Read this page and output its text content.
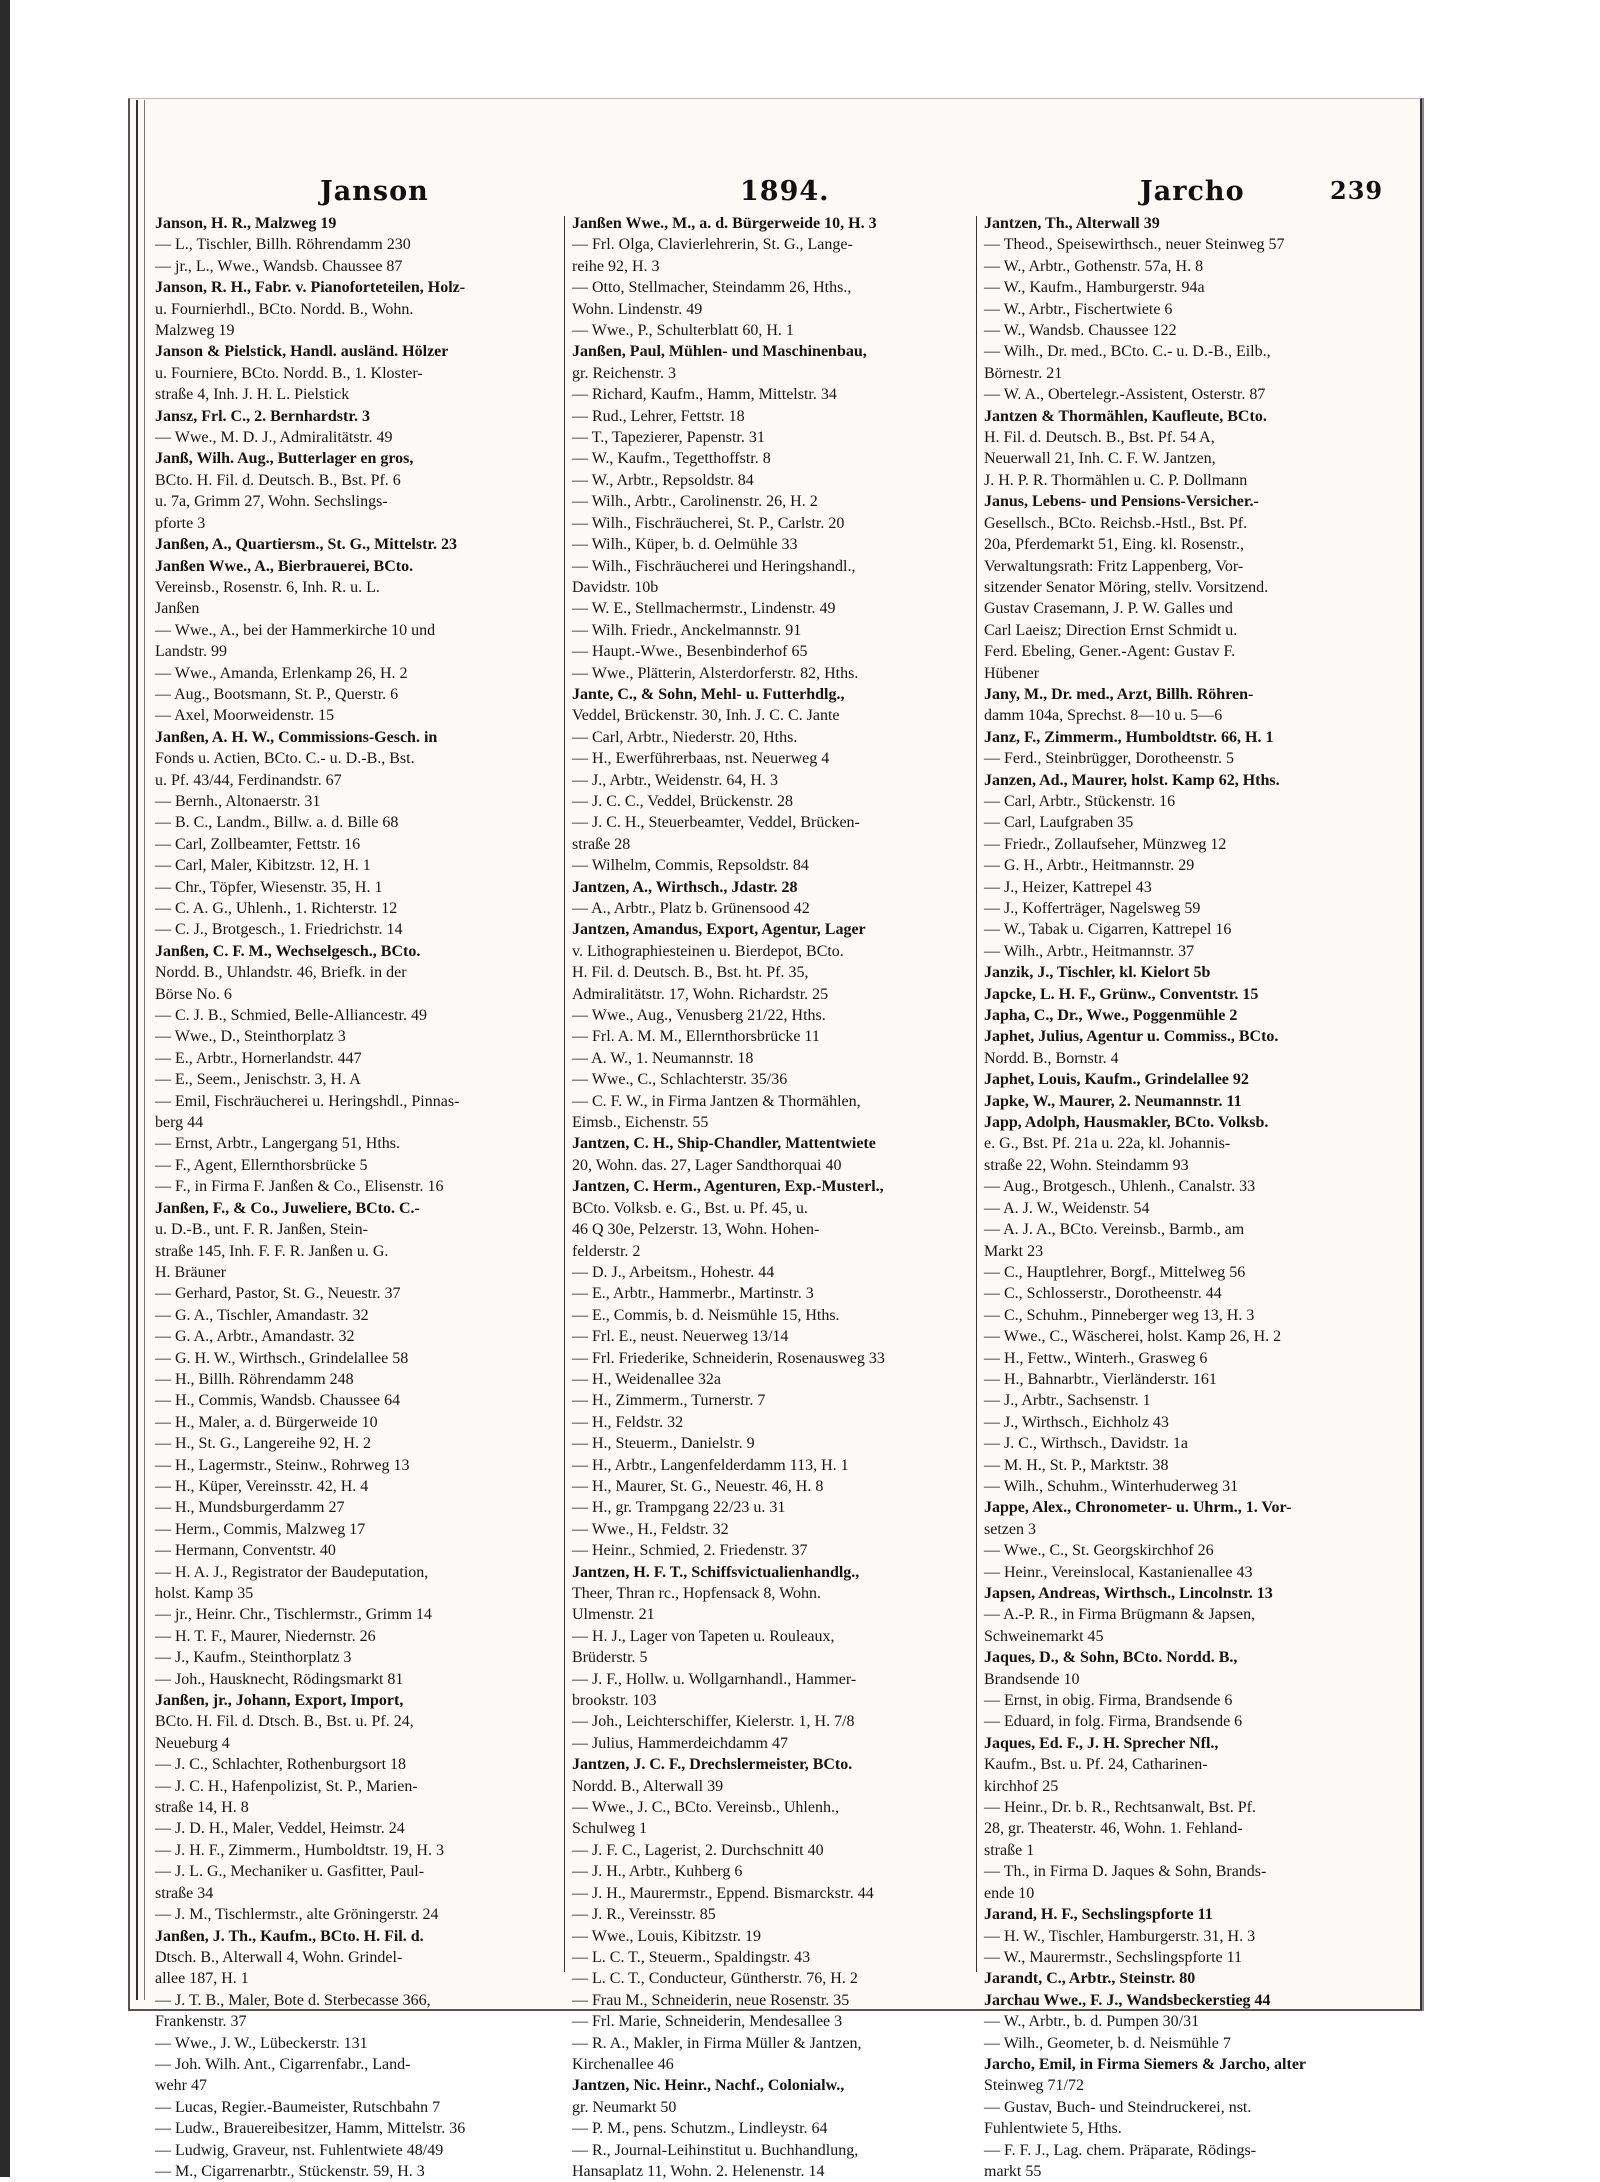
Janson	1894.	Jarcho	239
Janson, H. R., Malzweg 19
— L., Tischler, Billh. Röhrendamm 230
— jr., L., Wwe., Wandsb. Chaussee 87
Janson, R. H., Fabr. v. Pianoforteteilen, Holz-
u. Fournierhdl., BCto. Nordd. B., Wohn.
Malzweg 19
Janson & Pielstick, Handl. ausländ. Hölzer
u. Fourniere, BCto. Nordd. B., 1. Kloster-
straße 4, Inh. J. H. L. Pielstick
Jansz, Frl. C., 2. Bernhardstr. 3
— Wwe., M. D. J., Admiralitätstr. 49
Janß, Wilh. Aug., Butterlager en gros,
BCto. H. Fil. d. Deutsch. B., Bst. Pf. 6
u. 7a, Grimm 27, Wohn. Sechslings-
pforte 3
Janßen, A., Quartiersm., St. G., Mittelstr. 23
Janßen Wwe., A., Bierbrauerei, BCto.
Vereinsb., Rosenstr. 6, Inh. R. u. L.
Janßen
— Wwe., A., bei der Hammerkirche 10 und
Landstr. 99
— Wwe., Amanda, Erlenkamp 26, H. 2
— Aug., Bootsmann, St. P., Querstr. 6
— Axel, Moorweidenstr. 15
Janßen, A. H. W., Commissions-Gesch. in
Fonds u. Actien, BCto. C.- u. D.-B., Bst.
u. Pf. 43/44, Ferdinandstr. 67
— Bernh., Altonaerstr. 31
— B. C., Landm., Billw. a. d. Bille 68
— Carl, Zollbeamter, Fettstr. 16
— Carl, Maler, Kibitzstr. 12, H. 1
— Chr., Töpfer, Wiesenstr. 35, H. 1
— C. A. G., Uhlenh., 1. Richterstr. 12
— C. J., Brotgesch., 1. Friedrichstr. 14
Janßen, C. F. M., Wechselgesch., BCto.
Nordd. B., Uhlandstr. 46, Briefk. in der
Börse No. 6
— C. J. B., Schmied, Belle-Alliancestr. 49
— Wwe., D., Steinthorplatz 3
— E., Arbtr., Hornerlandstr. 447
— E., Seem., Jenischstr. 3, H. A
— Emil, Fischräucherei u. Heringshdl., Pinnas-
berg 44
— Ernst, Arbtr., Langergang 51, Hths.
— F., Agent, Ellernthorsbrücke 5
— F., in Firma F. Janßen & Co., Elisenstr. 16
Janßen, F., & Co., Juweliere, BCto. C.-
u. D.-B., unt. F. R. Janßen, Stein-
straße 145, Inh. F. F. R. Janßen u. G.
H. Bräuner
— Gerhard, Pastor, St. G., Neuestr. 37
— G. A., Tischler, Amandastr. 32
— G. A., Arbtr., Amandastr. 32
— G. H. W., Wirthsch., Grindelallee 58
— H., Billh. Röhrendamm 248
— H., Commis, Wandsb. Chaussee 64
— H., Maler, a. d. Bürgerweide 10
— H., St. G., Langereihe 92, H. 2
— H., Lagermstr., Steinw., Rohrweg 13
— H., Küper, Vereinsstr. 42, H. 4
— H., Mundsburgerdamm 27
— Herm., Commis, Malzweg 17
— Hermann, Conventstr. 40
— H. A. J., Registrator der Baudeputation,
holst. Kamp 35
— jr., Heinr. Chr., Tischlermstr., Grimm 14
— H. T. F., Maurer, Niedernstr. 26
— J., Kaufm., Steinthorplatz 3
— Joh., Hausknecht, Rödingsmarkt 81
Janßen, jr., Johann, Export, Import,
BCto. H. Fil. d. Dtsch. B., Bst. u. Pf. 24,
Neueburg 4
— J. C., Schlachter, Rothenburgsort 18
— J. C. H., Hafenpolizist, St. P., Marien-
straße 14, H. 8
— J. D. H., Maler, Veddel, Heimstr. 24
— J. H. F., Zimmerm., Humboldtstr. 19, H. 3
— J. L. G., Mechaniker u. Gasfitter, Paul-
straße 34
— J. M., Tischlermstr., alte Gröningerstr. 24
Janßen, J. Th., Kaufm., BCto. H. Fil. d.
Dtsch. B., Alterwall 4, Wohn. Grindel-
allee 187, H. 1
— J. T. B., Maler, Bote d. Sterbecasse 366,
Frankenstr. 37
— Wwe., J. W., Lübeckerstr. 131
— Joh. Wilh. Ant., Cigarrenfabr., Land-
wehr 47
— Lucas, Regier.-Baumeister, Rutschbahn 7
— Ludw., Brauereibesitzer, Hamm, Mittelstr. 36
— Ludwig, Graveur, nst. Fuhlentwiete 48/49
— M., Cigarrenarbtr., Stückenstr. 59, H. 3
Janßen Wwe., M., a. d. Bürgerweide 10, H. 3
— Frl. Olga, Clavierlehrerin, St. G., Lange-
reihe 92, H. 3
— Otto, Stellmacher, Steindamm 26, Hths.,
Wohn. Lindenstr. 49
— Wwe., P., Schulterblatt 60, H. 1
Janßen, Paul, Mühlen- und Maschinenbau,
gr. Reichenstr. 3
— Richard, Kaufm., Hamm, Mittelstr. 34
— Rud., Lehrer, Fettstr. 18
— T., Tapezierer, Papenstr. 31
— W., Kaufm., Tegetthoffstr. 8
— W., Arbtr., Repsoldstr. 84
— Wilh., Arbtr., Carolinenstr. 26, H. 2
— Wilh., Fischräucherei, St. P., Carlstr. 20
— Wilh., Küper, b. d. Oelmühle 33
— Wilh., Fischräucherei und Heringshandl.,
Davidstr. 10b
— W. E., Stellmachermstr., Lindenstr. 49
— Wilh. Friedr., Anckelmannstr. 91
— Haupt.-Wwe., Besenbinderhof 65
— Wwe., Plätterin, Alsterdorferstr. 82, Hths.
Jante, C., & Sohn, Mehl- u. Futterhdlg.,
Veddel, Brückenstr. 30, Inh. J. C. C. Jante
— Carl, Arbtr., Niederstr. 20, Hths.
— H., Ewerführerbaas, nst. Neuerweg 4
— J., Arbtr., Weidenstr. 64, H. 3
— J. C. C., Veddel, Brückenstr. 28
— J. C. H., Steuerbeamter, Veddel, Brücken-
straße 28
— Wilhelm, Commis, Repsoldstr. 84
Jantzen, A., Wirthsch., Jdastr. 28
— A., Arbtr., Platz b. Grünensood 42
Jantzen, Amandus, Export, Agentur, Lager
v. Lithographiesteinen u. Bierdepot, BCto.
H. Fil. d. Deutsch. B., Bst. ht. Pf. 35,
Admiralitätstr. 17, Wohn. Richardstr. 25
— Wwe., Aug., Venusberg 21/22, Hths.
— Frl. A. M. M., Ellernthorsbrücke 11
— A. W., 1. Neumannstr. 18
— Wwe., C., Schlachterstr. 35/36
— C. F. W., in Firma Jantzen & Thormählen,
Eimsb., Eichenstr. 55
Jantzen, C. H., Ship-Chandler, Mattentwiete
20, Wohn. das. 27, Lager Sandthorquai 40
Jantzen, C. Herm., Agenturen, Exp.-Musterl.,
BCto. Volksb. e. G., Bst. u. Pf. 45, u.
46 Q 30e, Pelzerstr. 13, Wohn. Hohen-
felderstr. 2
— D. J., Arbeitsm., Hohestr. 44
— E., Arbtr., Hammerbr., Martinstr. 3
— E., Commis, b. d. Neismühle 15, Hths.
— Frl. E., neust. Neuerweg 13/14
— Frl. Friederike, Schneiderin, Rosenausweg 33
— H., Weidenallee 32a
— H., Zimmerm., Turnerstr. 7
— H., Feldstr. 32
— H., Steuerm., Danielstr. 9
— H., Arbtr., Langenfelderdamm 113, H. 1
— H., Maurer, St. G., Neuestr. 46, H. 8
— H., gr. Trampgang 22/23 u. 31
— Wwe., H., Feldstr. 32
— Heinr., Schmied, 2. Friedenstr. 37
Jantzen, H. F. T., Schiffsvictualienhandlg.,
Theer, Thran rc., Hopfensack 8, Wohn.
Ulmenstr. 21
— H. J., Lager von Tapeten u. Rouleaux,
Brüderstr. 5
— J. F., Hollw. u. Wollgarnhandl., Hammer-
brookstr. 103
— Joh., Leichterschiffer, Kielerstr. 1, H. 7/8
— Julius, Hammerdeichdamm 47
Jantzen, J. C. F., Drechslermeister, BCto.
Nordd. B., Alterwall 39
— Wwe., J. C., BCto. Vereinsb., Uhlenh.,
Schulweg 1
— J. F. C., Lagerist, 2. Durchschnitt 40
— J. H., Arbtr., Kuhberg 6
— J. H., Maurermstr., Eppend. Bismarckstr. 44
— J. R., Vereinsstr. 85
— Wwe., Louis, Kibitzstr. 19
— L. C. T., Steuerm., Spaldingstr. 43
— L. C. T., Conducteur, Güntherstr. 76, H. 2
— Frau M., Schneiderin, neue Rosenstr. 35
— Frl. Marie, Schneiderin, Mendesallee 3
— R. A., Makler, in Firma Müller & Jantzen,
Kirchenallee 46
Jantzen, Nic. Heinr., Nachf., Colonialw.,
gr. Neumarkt 50
— P. M., pens. Schutzm., Lindleystr. 64
— R., Journal-Leihinstitut u. Buchhandlung,
Hansaplatz 11, Wohn. 2. Helenenstr. 14
Jantzen, Th., Alterwall 39
— Theod., Speisewirthsch., neuer Steinweg 57
— W., Arbtr., Gothenstr. 57a, H. 8
— W., Kaufm., Hamburgerstr. 94a
— W., Arbtr., Fischertwiete 6
— W., Wandsb. Chaussee 122
— Wilh., Dr. med., BCto. C.- u. D.-B., Eilb.,
Börnestr. 21
— W. A., Obertelegr.-Assistent, Osterstr. 87
Jantzen & Thormählen, Kaufleute, BCto.
H. Fil. d. Deutsch. B., Bst. Pf. 54 A,
Neuerwall 21, Inh. C. F. W. Jantzen,
J. H. P. R. Thormählen u. C. P. Dollmann
Janus, Lebens- und Pensions-Versicher.-
Gesellsch., BCto. Reichsb.-Hstl., Bst. Pf.
20a, Pferdemarkt 51, Eing. kl. Rosenstr.,
Verwaltungsrath: Fritz Lappenberg, Vor-
sitzender Senator Möring, stellv. Vorsitzend.
Gustav Crasemann, J. P. W. Galles und
Carl Laeisz; Direction Ernst Schmidt u.
Ferd. Ebeling, Gener.-Agent: Gustav F.
Hübener
Jany, M., Dr. med., Arzt, Billh. Röhren-
damm 104a, Sprechst. 8—10 u. 5—6
Janz, F., Zimmerm., Humboldtstr. 66, H. 1
— Ferd., Steinbrügger, Dorotheenstr. 5
Janzen, Ad., Maurer, holst. Kamp 62, Hths.
— Carl, Arbtr., Stückenstr. 16
— Carl, Laufgraben 35
— Friedr., Zollaufseher, Münzweg 12
— G. H., Arbtr., Heitmannstr. 29
— J., Heizer, Kattrepel 43
— J., Kofferträger, Nagelsweg 59
— W., Tabak u. Cigarren, Kattrepel 16
— Wilh., Arbtr., Heitmannstr. 37
Janzik, J., Tischler, kl. Kielort 5b
Japcke, L. H. F., Grünw., Conventstr. 15
Japha, C., Dr., Wwe., Poggenmühle 2
Japhet, Julius, Agentur u. Commiss., BCto.
Nordd. B., Bornstr. 4
Japhet, Louis, Kaufm., Grindelallee 92
Japke, W., Maurer, 2. Neumannstr. 11
Japp, Adolph, Hausmakler, BCto. Volksb.
e. G., Bst. Pf. 21a u. 22a, kl. Johannis-
straße 22, Wohn. Steindamm 93
— Aug., Brotgesch., Uhlenh., Canalstr. 33
— A. J. W., Weidenstr. 54
— A. J. A., BCto. Vereinsb., Barmb., am
Markt 23
— C., Hauptlehrer, Borgf., Mittelweg 56
— C., Schlosserstr., Dorotheenstr. 44
— C., Schuhm., Pinneberger weg 13, H. 3
— Wwe., C., Wäscherei, holst. Kamp 26, H. 2
— H., Fettw., Winterh., Grasweg 6
— H., Bahnarbtr., Vierländerstr. 161
— J., Arbtr., Sachsenstr. 1
— J., Wirthsch., Eichholz 43
— J. C., Wirthsch., Davidstr. 1a
— M. H., St. P., Marktstr. 38
— Wilh., Schuhm., Winterhuderweg 31
Jappe, Alex., Chronometer- u. Uhrm., 1. Vor-
setzen 3
— Wwe., C., St. Georgskirchhof 26
— Heinr., Vereinslocal, Kastanienallee 43
Japsen, Andreas, Wirthsch., Lincolnstr. 13
— A.-P. R., in Firma Brügmann & Japsen,
Schweinemarkt 45
Jaques, D., & Sohn, BCto. Nordd. B.,
Brandsende 10
— Ernst, in obig. Firma, Brandsende 6
— Eduard, in folg. Firma, Brandsende 6
Jaques, Ed. F., J. H. Sprecher Nfl.,
Kaufm., Bst. u. Pf. 24, Catharinen-
kirchhof 25
— Heinr., Dr. b. R., Rechtsanwalt, Bst. Pf.
28, gr. Theaterstr. 46, Wohn. 1. Fehland-
straße 1
— Th., in Firma D. Jaques & Sohn, Brands-
ende 10
Jarand, H. F., Sechslingspforte 11
— H. W., Tischler, Hamburgerstr. 31, H. 3
— W., Maurermstr., Sechslingspforte 11
Jarandt, C., Arbtr., Steinstr. 80
Jarchau Wwe., F. J., Wandsbeckerstieg 44
— W., Arbtr., b. d. Pumpen 30/31
— Wilh., Geometer, b. d. Neismühle 7
Jarcho, Emil, in Firma Siemers & Jarcho, alter
Steinweg 71/72
— Gustav, Buch- und Steindruckerei, nst.
Fuhlentwiete 5, Hths.
— F. F. J., Lag. chem. Präparate, Rödings-
markt 55
